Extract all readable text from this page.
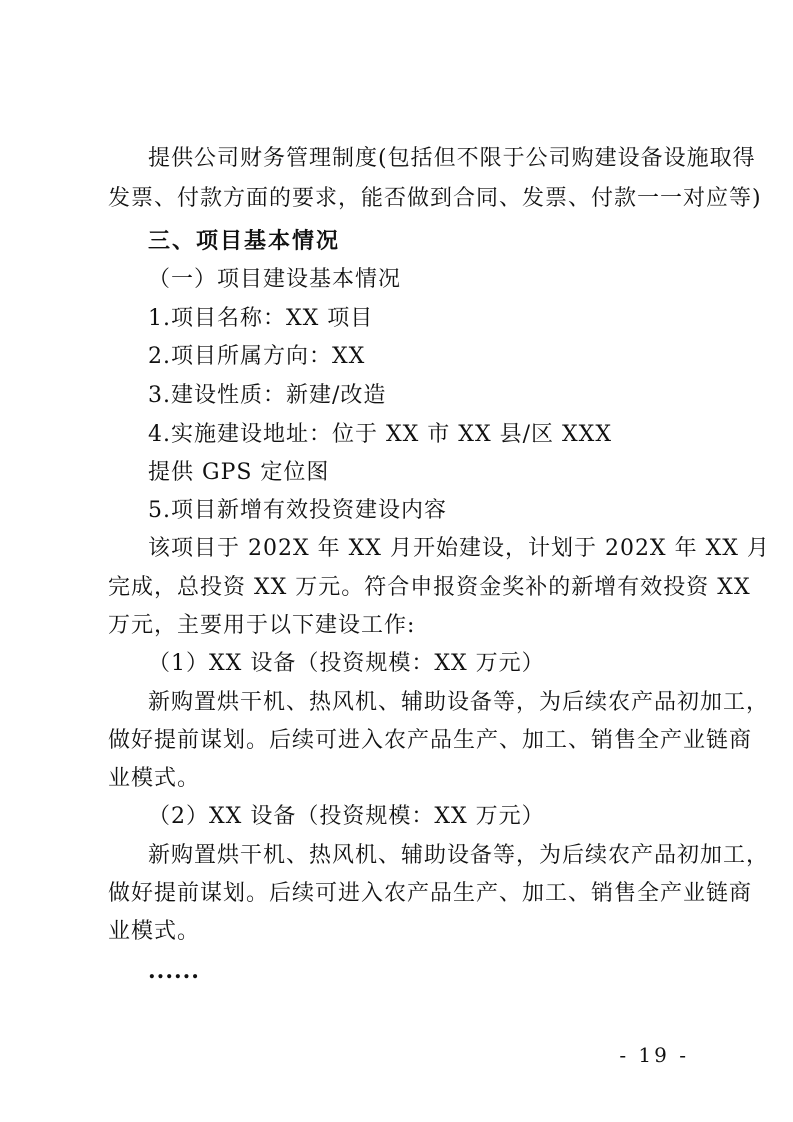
提供公司财务管理制度(包括但不限于公司购建设备设施取得
发票、付款方面的要求，能否做到合同、发票、付款一一对应等)
三、项目基本情况
（一）项目建设基本情况
1.项目名称：XX 项目
2.项目所属方向：XX
3.建设性质：新建/改造
4.实施建设地址：位于 XX 市 XX 县/区 XXX
提供 GPS 定位图
5.项目新增有效投资建设内容
该项目于 202X 年 XX 月开始建设，计划于 202X 年 XX 月
完成，总投资 XX 万元。符合申报资金奖补的新增有效投资 XX
万元，主要用于以下建设工作:
（1）XX 设备（投资规模：XX 万元）
新购置烘干机、热风机、辅助设备等，为后续农产品初加工，
做好提前谋划。后续可进入农产品生产、加工、销售全产业链商
业模式。
（2）XX 设备（投资规模：XX 万元）
新购置烘干机、热风机、辅助设备等，为后续农产品初加工，
做好提前谋划。后续可进入农产品生产、加工、销售全产业链商
业模式。
......
- 19 -
